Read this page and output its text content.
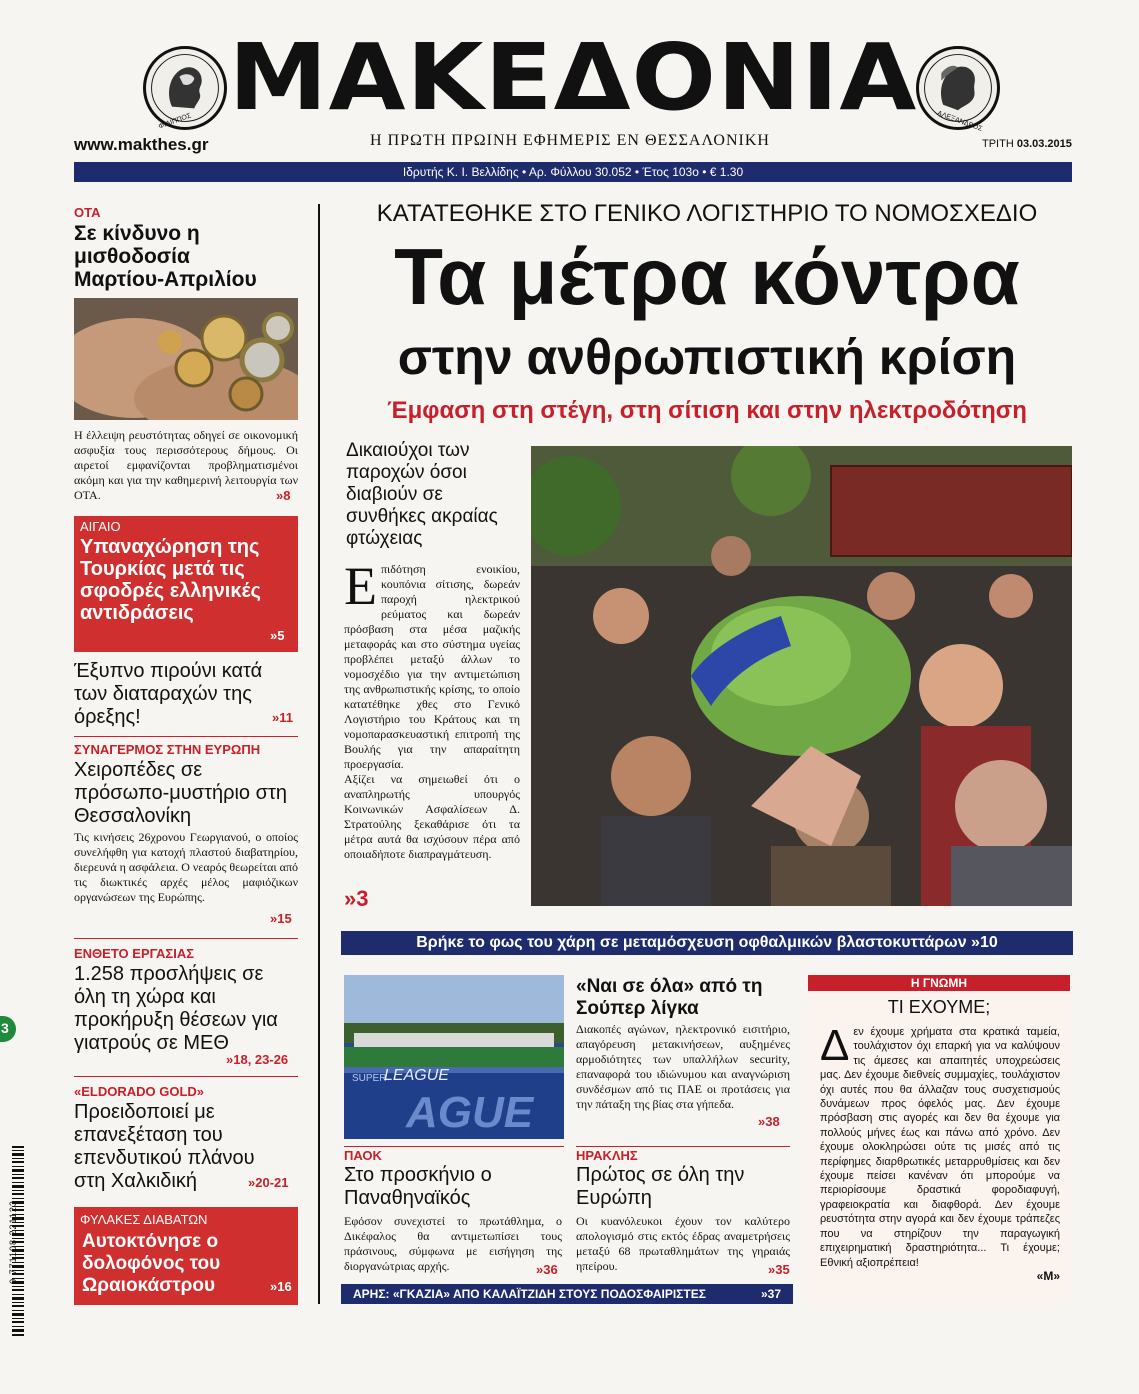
ΦΙΛΙΠΠΟΣ	ΑΛΕΞΑΝΔΡΟΣ
ΜΑΚΕΔΟΝΙΑ
Η ΠΡΩΤΗ ΠΡΩΙΝΗ ΕΦΗΜΕΡΙΣ ΕΝ ΘΕΣΣΑΛΟΝΙΚΗ
www.makthes.gr	ΤΡΙΤΗ 03.03.2015
Ιδρυτής Κ. Ι. Βελλίδης • Αρ. Φύλλου 30.052 • Έτος 103ο • € 1.30
ΟΤΑ
Σε κίνδυνο η μισθοδοσία Μαρτίου-Απριλίου
Η έλλειψη ρευστότητας οδηγεί σε οικονομική ασφυξία τους περισσότερους δήμους. Οι αιρετοί εμφανίζονται προβληματισμένοι ακόμη και για την καθημερινή λειτουργία των ΟΤΑ.	»8
ΑΙΓΑΙΟ
Υπαναχώρηση της Τουρκίας μετά τις σφοδρές ελληνικές αντιδράσεις
»5
Έξυπνο πιρούνι κατά των διαταραχών της όρεξης!	»11
ΣΥΝΑΓΕΡΜΟΣ ΣΤΗΝ ΕΥΡΩΠΗ
Χειροπέδες σε πρόσωπο-μυστήριο στη Θεσσαλονίκη
Τις κινήσεις 26χρονου Γεωργιανού, ο οποίος συνελήφθη για κατοχή πλαστού διαβατηρίου, διερευνά η ασφάλεια. Ο νεαρός θεωρείται από τις διωκτικές αρχές μέλος μαφιόζικων οργανώσεων της Ευρώπης.
»15
ΕΝΘΕΤΟ ΕΡΓΑΣΙΑΣ
1.258 προσλήψεις σε όλη τη χώρα και προκήρυξη θέσεων για γιατρούς σε ΜΕΘ
»18, 23-26
«ELDORADO GOLD»
Προειδοποιεί με επανεξέταση του επενδυτικού πλάνου στη Χαλκιδική	»20-21
ΦΥΛΑΚΕΣ ΔΙΑΒΑΤΩΝ
Αυτοκτόνησε ο δολοφόνος του Ωραιοκάστρου	»16
3
9 771108 221123
ΚΑΤΑΤΕΘΗΚΕ ΣΤΟ ΓΕΝΙΚΟ ΛΟΓΙΣΤΗΡΙΟ ΤΟ ΝΟΜΟΣΧΕΔΙΟ
Τα μέτρα κόντρα
στην ανθρωπιστική κρίση
Έμφαση στη στέγη, στη σίτιση και στην ηλεκτροδότηση
Δικαιούχοι των παροχών όσοι διαβιούν σε συνθήκες ακραίας φτώχειας
Ε πιδότηση ενοικίου, κουπόνια σίτισης, δωρεάν παροχή ηλεκτρικού ρεύματος και δωρεάν πρόσβαση στα μέσα μαζικής μεταφοράς και στο σύστημα υγείας προβλέπει μεταξύ άλλων το νομοσχέδιο για την αντιμετώπιση της ανθρωπιστικής κρίσης, το οποίο κατατέθηκε χθες στο Γενικό Λογιστήριο του Κράτους και τη νομοπαρασκευαστική επιτροπή της Βουλής για την απαραίτητη προεργασία.
Αξίζει να σημειωθεί ότι ο αναπληρωτής υπουργός Κοινωνικών Ασφαλίσεων Δ. Στρατούλης ξεκαθάρισε ότι τα μέτρα αυτά θα ισχύσουν πέρα από οποιαδήποτε διαπραγμάτευση.
»3
Βρήκε το φως του χάρη σε μεταμόσχευση οφθαλμικών βλαστοκυττάρων »10
SUPER
LEAGUE
AGUE
«Ναι σε όλα» από τη Σούπερ λίγκα
Διακοπές αγώνων, ηλεκτρονικό εισιτήριο, απαγόρευση μετακινήσεων, αυξημένες αρμοδιότητες των υπαλλήλων security, επαναφορά του ιδιώνυμου και αναγνώριση συνδέσμων από τις ΠΑΕ οι προτάσεις για την πάταξη της βίας στα γήπεδα.
»38
ΠΑΟΚ
Στο προσκήνιο ο Παναθηναϊκός
Εφόσον συνεχιστεί το πρωτάθλημα, ο Δικέφαλος θα αντιμετωπίσει τους πράσινους, σύμφωνα με εισήγηση της διοργανώτριας αρχής.	»36
ΗΡΑΚΛΗΣ
Πρώτος σε όλη την Ευρώπη
Οι κυανόλευκοι έχουν τον καλύτερο απολογισμό στις εκτός έδρας αναμετρήσεις μεταξύ 68 πρωταθλημάτων της γηραιάς ηπείρου.	»35
ΑΡΗΣ: «ΓΚΑΖΙΑ» ΑΠΟ ΚΑΛΑΪΤΖΙΔΗ ΣΤΟΥΣ ΠΟΔΟΣΦΑΙΡΙΣΤΕΣ	»37
Η ΓΝΩΜΗ
ΤΙ ΕΧΟΥΜΕ;
Δ εν έχουμε χρήματα στα κρατικά ταμεία, τουλάχιστον όχι επαρκή για να καλύψουν τις άμεσες και απαιτητές υποχρεώσεις μας. Δεν έχουμε διεθνείς συμμαχίες, τουλάχιστον όχι αυτές που θα άλλαζαν τους συσχετισμούς δυνάμεων προς όφελός μας. Δεν έχουμε πρόσβαση στις αγορές και δεν θα έχουμε για πολλούς μήνες έως και πάνω από χρόνο. Δεν έχουμε ολοκληρώσει ούτε τις μισές από τις περίφημες διαρθρωτικές μεταρρυθμίσεις και δεν έχουμε πείσει κανέναν ότι μπορούμε να περιορίσουμε δραστικά φοροδιαφυγή, γραφειοκρατία και διαφθορά. Δεν έχουμε ρευστότητα στην αγορά και δεν έχουμε τράπεζες που να στηρίζουν την παραγωγική επιχειρηματική δραστηριότητα... Τι έχουμε; Εθνική αξιοπρέπεια!
«Μ»
